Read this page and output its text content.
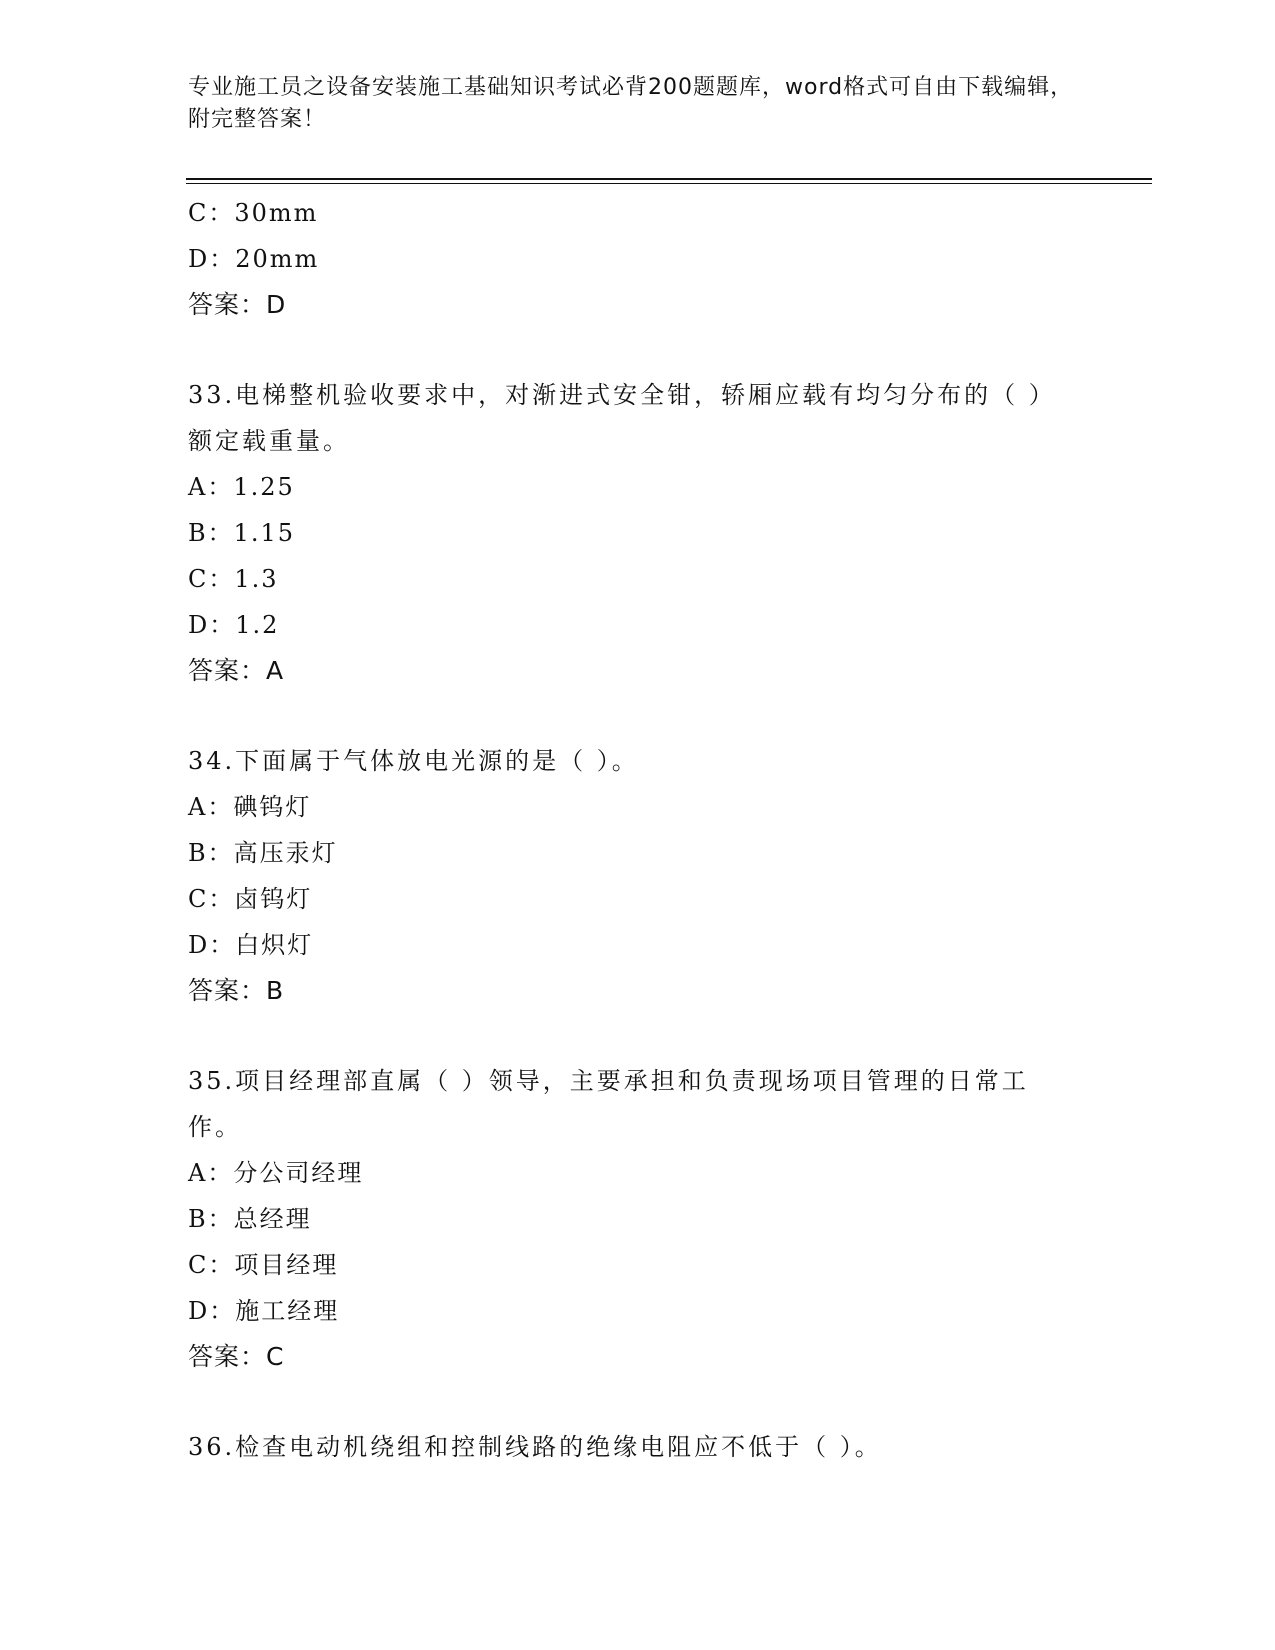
专业施工员之设备安装施工基础知识考试必背200题题库，word格式可自由下载编辑，附完整答案！
C：30mm
D：20mm
答案：D
33.电梯整机验收要求中，对渐进式安全钳，轿厢应载有均匀分布的（ ）额定载重量。
A：1.25
B：1.15
C：1.3
D：1.2
答案：A
34.下面属于气体放电光源的是（ ）。
A：碘钨灯
B：高压汞灯
C：卤钨灯
D：白炽灯
答案：B
35.项目经理部直属（ ）领导，主要承担和负责现场项目管理的日常工作。
A：分公司经理
B：总经理
C：项目经理
D：施工经理
答案：C
36.检查电动机绕组和控制线路的绝缘电阻应不低于（ ）。
